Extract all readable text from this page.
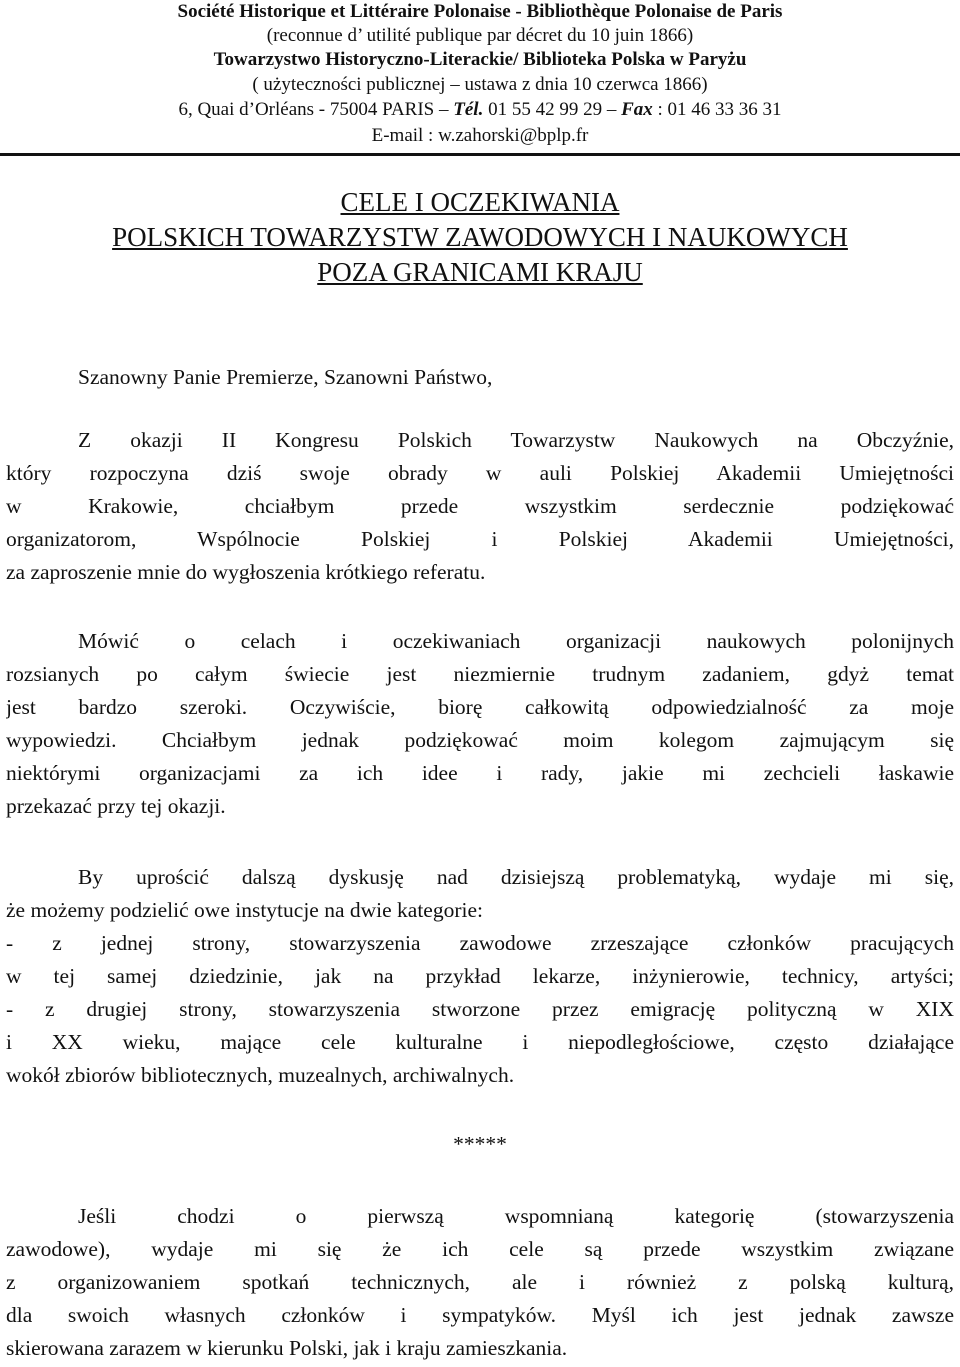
Société Historique et Littéraire Polonaise - Bibliothèque Polonaise de Paris
(reconnue d’ utilité publique par décret du 10 juin 1866)
Towarzystwo Historyczno-Literackie/ Biblioteka Polska w Paryżu
( użyteczności publicznej – ustawa z dnia 10 czerwca 1866)
6, Quai d’Orléans - 75004 PARIS – Tél. 01 55 42 99 29 – Fax : 01 46 33 36 31
E-mail : w.zahorski@bplp.fr
CELE I OCZEKIWANIA
POLSKICH TOWARZYSTW ZAWODOWYCH I NAUKOWYCH
POZA GRANICAMI KRAJU
Szanowny Panie Premierze, Szanowni Państwo,
Z okazji II Kongresu Polskich Towarzystw Naukowych na Obczyźnie,
który rozpoczyna dziś swoje obrady w auli Polskiej Akademii Umiejętności
w Krakowie, chciałbym przede wszystkim serdecznie podziękować
organizatorom, Wspólnocie Polskiej i Polskiej Akademii Umiejętności,
za zaproszenie mnie do wygłoszenia krótkiego referatu.
Mówić o celach i oczekiwaniach organizacji naukowych polonijnych
rozsianych po całym świecie jest niezmiernie trudnym zadaniem, gdyż temat
jest bardzo szeroki. Oczywiście, biorę całkowitą odpowiedzialność za moje
wypowiedzi. Chciałbym jednak podziękować moim kolegom zajmującym się
niektórymi organizacjami za ich idee i rady, jakie mi zechcieli łaskawie
przekazać przy tej okazji.
By uprościć dalszą dyskusję nad dzisiejszą problematyką, wydaje mi się,
że możemy podzielić owe instytucje na dwie kategorie:
- z jednej strony, stowarzyszenia zawodowe zrzeszające członków pracujących
w tej samej dziedzinie, jak na przykład lekarze, inżynierowie, technicy, artyści;
- z drugiej strony, stowarzyszenia stworzone przez emigrację polityczną w XIX
i XX wieku, mające cele kulturalne i niepodległościowe, często działające
wokół zbiorów bibliotecznych, muzealnych, archiwalnych.
*****
Jeśli chodzi o pierwszą wspomnianą kategorię (stowarzyszenia
zawodowe), wydaje mi się że ich cele są przede wszystkim związane
z organizowaniem spotkań technicznych, ale i również z polską kulturą,
dla swoich własnych członków i sympatyków. Myśl ich jest jednak zawsze
skierowana zarazem w kierunku Polski, jak i kraju zamieszkania.
